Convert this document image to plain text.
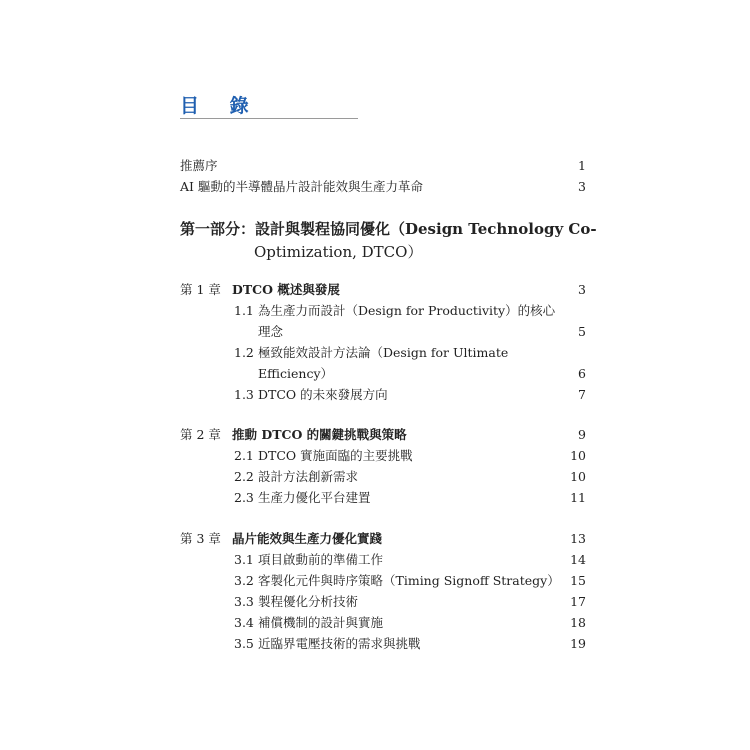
目 錄
推薦序	1
AI 驅動的半導體晶片設計能效與生產力革命	3
第一部分：設計與製程協同優化（Design Technology Co-
Optimization, DTCO）
第 1 章 DTCO 概述與發展	3
1.1 為生產力而設計（Design for Productivity）的核心
理念	5
1.2 極致能效設計方法論（Design for Ultimate
Efficiency）	6
1.3 DTCO 的未來發展方向	7
第 2 章 推動 DTCO 的關鍵挑戰與策略	9
2.1 DTCO 實施面臨的主要挑戰	10
2.2 設計方法創新需求	10
2.3 生產力優化平台建置	11
第 3 章 晶片能效與生產力優化實踐	13
3.1 項目啟動前的準備工作	14
3.2 客製化元件與時序策略（Timing Signoff Strategy） 15
3.3 製程優化分析技術	17
3.4 補償機制的設計與實施	18
3.5 近臨界電壓技術的需求與挑戰	19
